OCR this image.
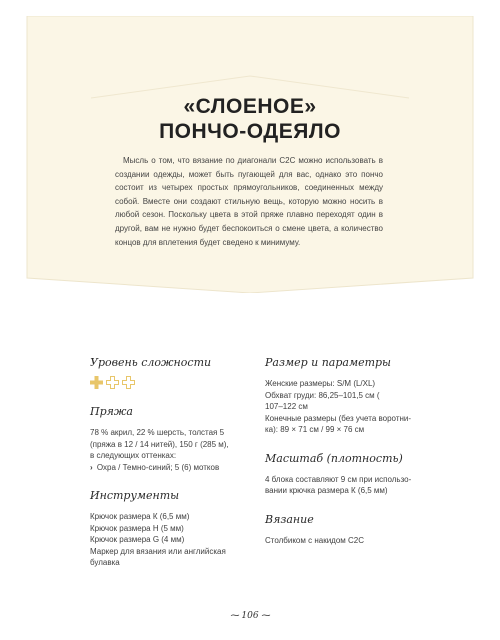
«СЛОЕНОЕ»
ПОНЧО-ОДЕЯЛО

Мысль о том, что вязание по диагонали С2С можно использовать в создании одежды, может быть пугающей для вас, однако это пончо состоит из четырех простых прямоугольников, соединенных между собой. Вместе они создают стильную вещь, которую можно носить в любой сезон. Поскольку цвета в этой пряже плавно переходят один в другой, вам не нужно будет беспокоиться о смене цвета, а количество концов для вплетения будет сведено к минимуму.

Уровень сложности
Пряжа

78 % акрил, 22 % шерсть, толстая 5

(пряжа в 12 / 14 нитей), 150 г (285 м),

в следующих оттенках:

› Охра / Темно-синий; 5 (6) мотков
Инструменты

Крючок размера К (6,5 мм)

Крючок размера Н (5 мм)

Крючок размера G (4 мм)

Маркер для вязания или английская

булавка

Размер и параметры

Женские размеры: S/M (L/XL)

Обхват груди: 86,25–101,5 см (

107–122 см

Конечные размеры (без учета воротни-

ка): 89 × 71 см / 99 × 76 см

Масштаб (плотность)

4 блока составляют 9 см при использо-

вании крючка размера К (6,5 мм)

Вязание

Столбиком с накидом С2С

⁓ 106 ⁓
